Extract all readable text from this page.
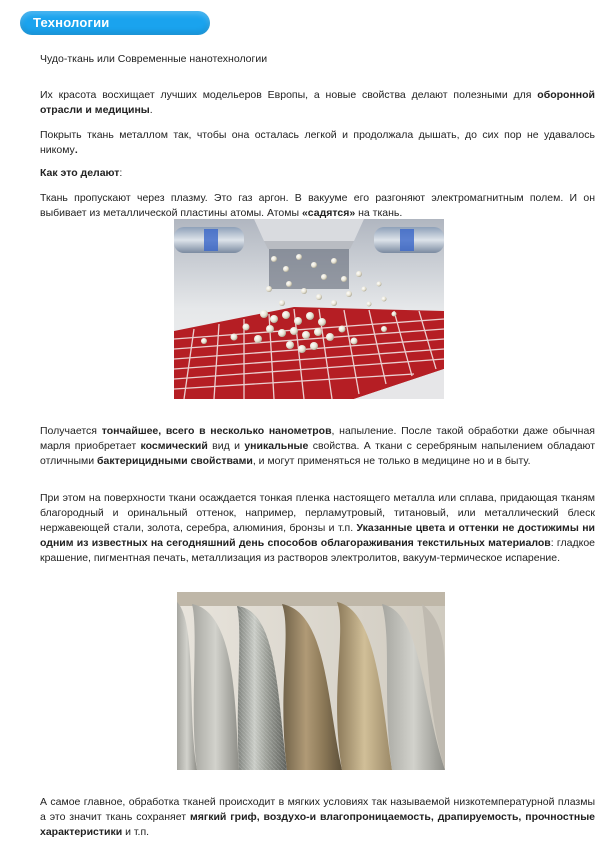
Технологии
Чудо-ткань или Современные нанотехнологии

Их красота восхищает лучших модельеров Европы, а новые свойства делают полезными для оборонной отрасли и медицины.

Покрыть ткань металлом так, чтобы она осталась легкой и продолжала дышать, до сих пор не удавалось никому.

Как это делают:

Ткань пропускают через плазму. Это газ аргон. В вакууме его разгоняют электромагнитным полем. И он выбивает из металлической пластины атомы. Атомы «садятся» на ткань.

Получается тончайшее, всего в несколько нанометров, напыление. После такой обработки даже обычная марля приобретает космический вид и уникальные свойства. А ткани с серебряным напылением обладают отличными бактерицидными свойствами, и могут применяться не только в медицине но и в быту.

При этом на поверхности ткани осаждается тонкая пленка настоящего металла или сплава, придающая тканям благородный и оринальный оттенок, например, перламутровый, титановый, или металлический блеск нержавеющей стали, золота, серебра, алюминия, бронзы и т.п. Указанные цвета и оттенки не достижимы ни одним из известных на сегодняшний день способов облагораживания текстильных материалов: гладкое крашение, пигментная печать, металлизация из растворов электролитов, вакуум-термическое испарение.

А самое главное, обработка тканей происходит в мягких условиях так называемой низкотемпературной плазмы а это значит ткань сохраняет мягкий гриф, воздухо-и влагопроницаемость, драпируемость, прочностные характеристики и т.п.
